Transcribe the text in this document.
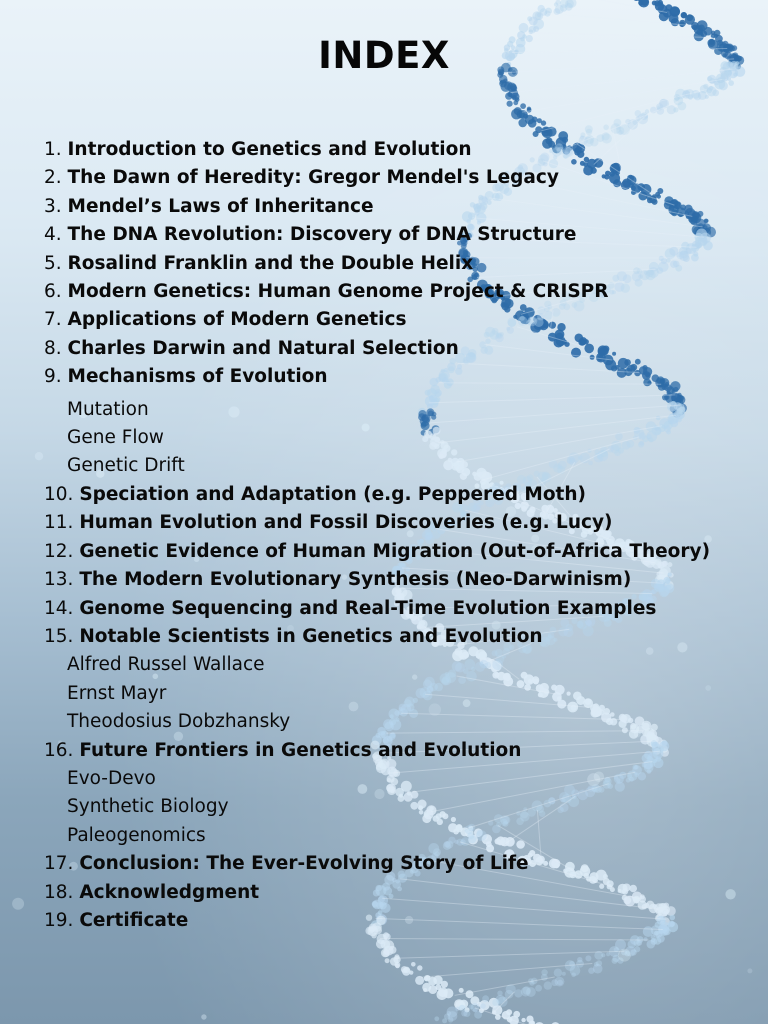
INDEX
1. Introduction to Genetics and Evolution
2. The Dawn of Heredity: Gregor Mendel's Legacy
3. Mendel’s Laws of Inheritance
4. The DNA Revolution: Discovery of DNA Structure
5. Rosalind Franklin and the Double Helix
6. Modern Genetics: Human Genome Project & CRISPR
7. Applications of Modern Genetics
8. Charles Darwin and Natural Selection
9. Mechanisms of Evolution
Mutation
Gene Flow
Genetic Drift
10. Speciation and Adaptation (e.g. Peppered Moth)
11. Human Evolution and Fossil Discoveries (e.g. Lucy)
12. Genetic Evidence of Human Migration (Out-of-Africa Theory)
13. The Modern Evolutionary Synthesis (Neo-Darwinism)
14. Genome Sequencing and Real-Time Evolution Examples
15. Notable Scientists in Genetics and Evolution
Alfred Russel Wallace
Ernst Mayr
Theodosius Dobzhansky
16. Future Frontiers in Genetics and Evolution
Evo-Devo
Synthetic Biology
Paleogenomics
17. Conclusion: The Ever-Evolving Story of Life
18. Acknowledgment
19. Certificate
